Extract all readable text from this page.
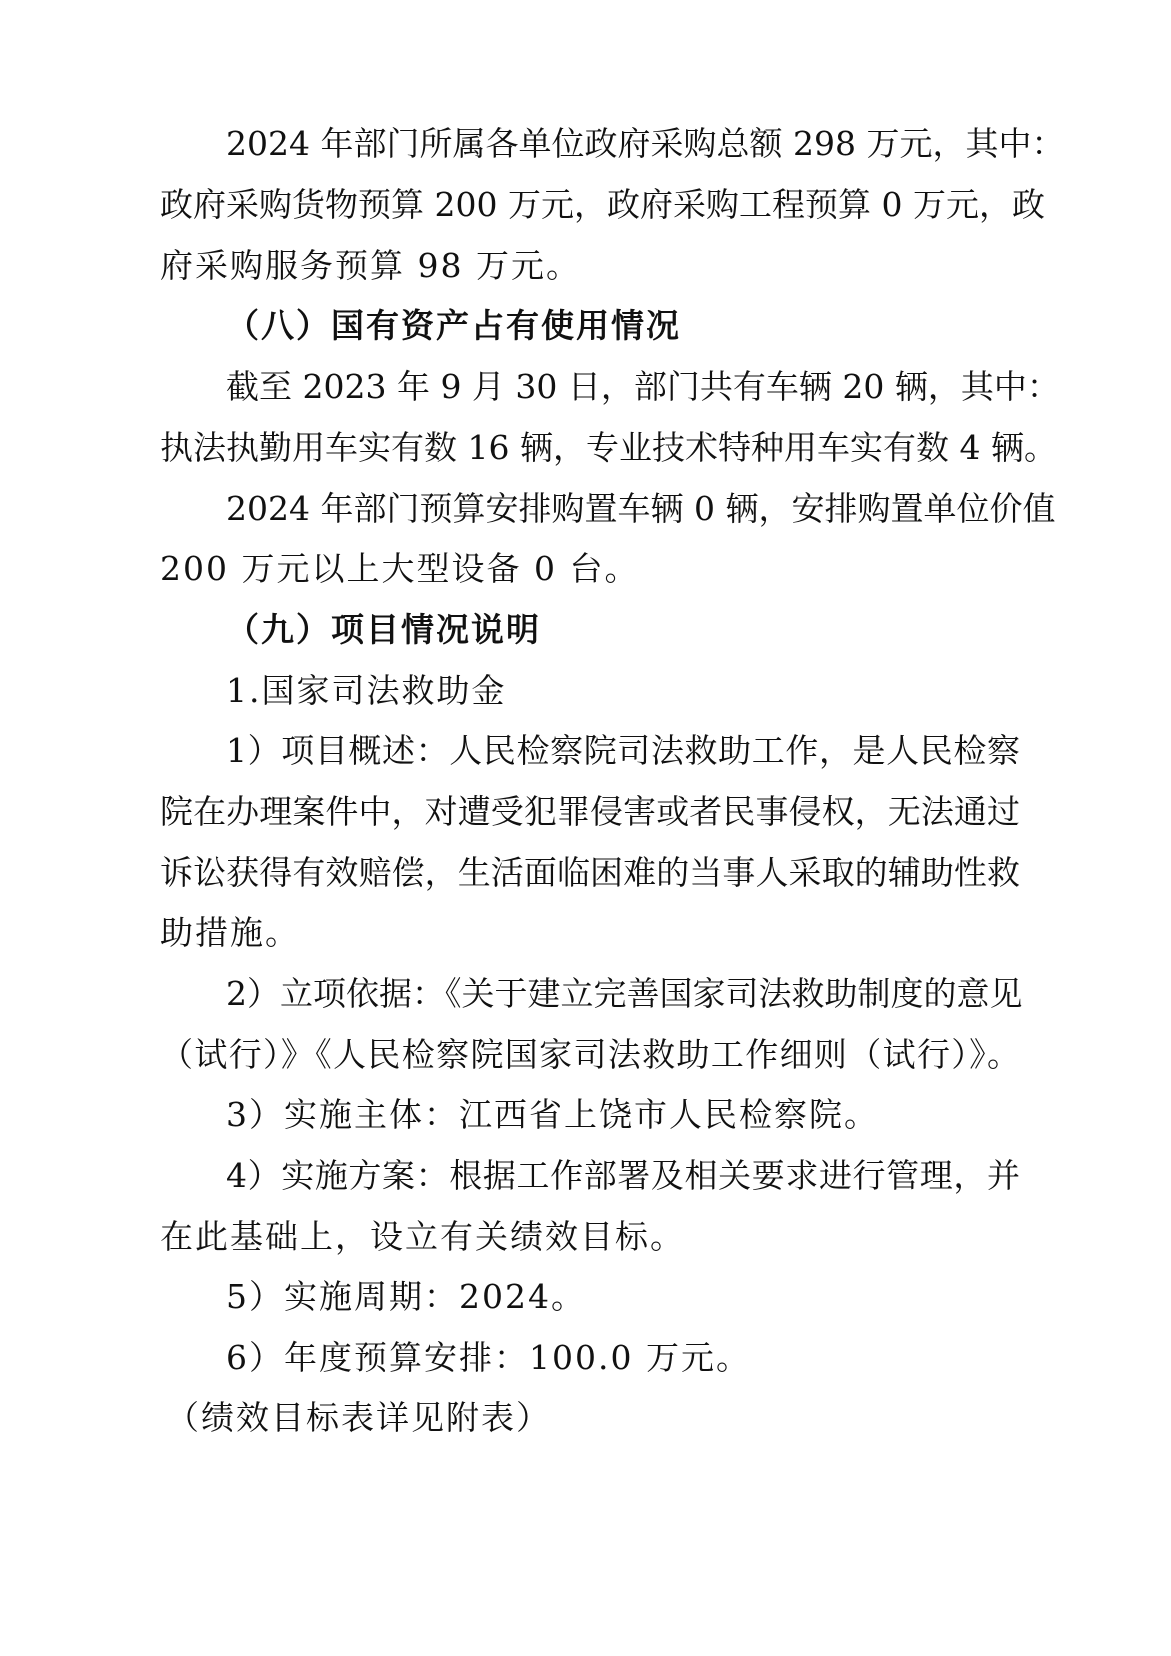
2024 年部门所属各单位政府采购总额 298 万元，其中：
政府采购货物预算 200 万元，政府采购工程预算 0 万元，政
府采购服务预算 98 万元。
（八）国有资产占有使用情况
截至 2023 年 9 月 30 日，部门共有车辆 20 辆，其中：
执法执勤用车实有数 16 辆，专业技术特种用车实有数 4 辆。
2024 年部门预算安排购置车辆 0 辆，安排购置单位价值
200 万元以上大型设备 0 台。
（九）项目情况说明
1.国家司法救助金
1）项目概述：人民检察院司法救助工作，是人民检察
院在办理案件中，对遭受犯罪侵害或者民事侵权，无法通过
诉讼获得有效赔偿，生活面临困难的当事人采取的辅助性救
助措施。
2）立项依据：《关于建立完善国家司法救助制度的意见
（试行）》《人民检察院国家司法救助工作细则（试行）》。
3）实施主体：江西省上饶市人民检察院。
4）实施方案：根据工作部署及相关要求进行管理，并
在此基础上，设立有关绩效目标。
5）实施周期：2024。
6）年度预算安排：100.0 万元。
（绩效目标表详见附表）
